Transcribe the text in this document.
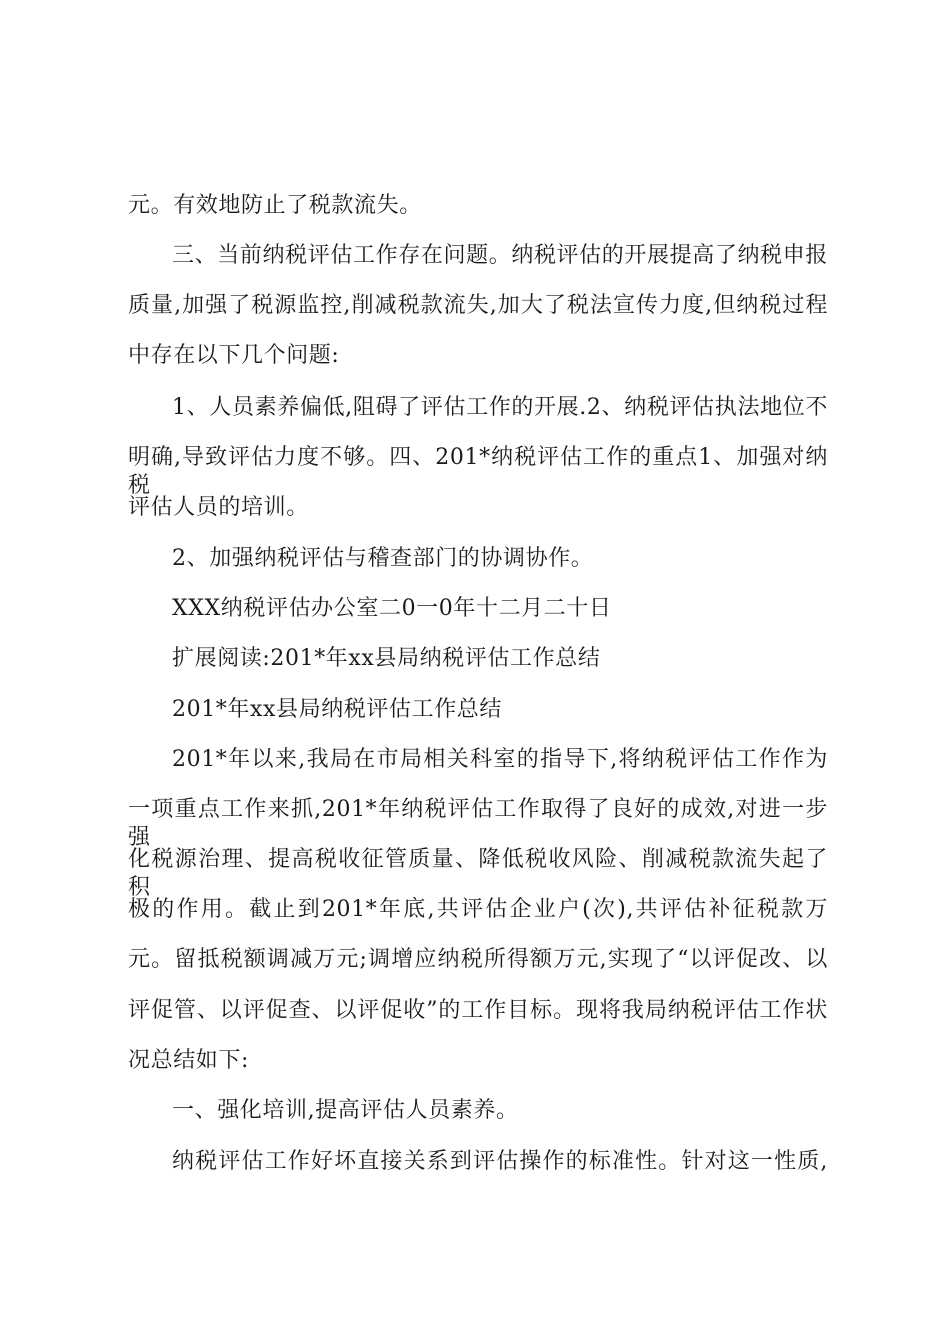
元。有效地防止了税款流失。
三、当前纳税评估工作存在问题。纳税评估的开展提高了纳税申报
质量,加强了税源监控,削减税款流失,加大了税法宣传力度,但纳税过程
中存在以下几个问题:
1、人员素养偏低,阻碍了评估工作的开展.2、纳税评估执法地位不
明确,导致评估力度不够。四、201*纳税评估工作的重点1、加强对纳税
评估人员的培训。
2、加强纳税评估与稽查部门的协调协作。
XXX纳税评估办公室二0一0年十二月二十日
扩展阅读:201*年xx县局纳税评估工作总结
201*年xx县局纳税评估工作总结
201*年以来,我局在市局相关科室的指导下,将纳税评估工作作为
一项重点工作来抓,201*年纳税评估工作取得了良好的成效,对进一步强
化税源治理、提高税收征管质量、降低税收风险、削减税款流失起了积
极的作用。截止到201*年底,共评估企业户(次),共评估补征税款万
元。留抵税额调减万元;调增应纳税所得额万元,实现了“以评促改、以
评促管、以评促查、以评促收”的工作目标。现将我局纳税评估工作状
况总结如下:
一、强化培训,提高评估人员素养。
纳税评估工作好坏直接关系到评估操作的标准性。针对这一性质,
